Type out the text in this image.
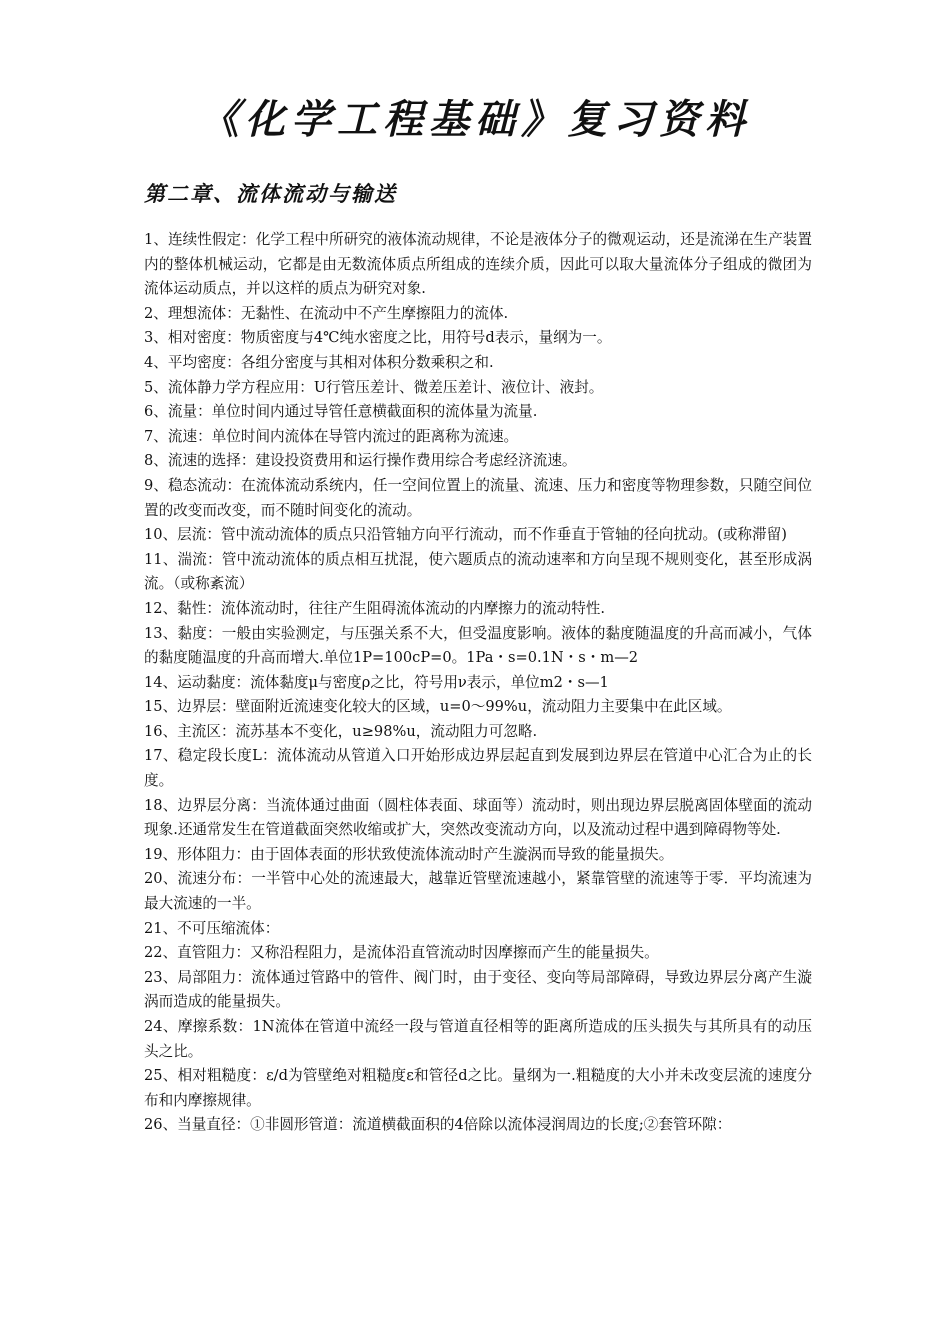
《化学工程基础》复习资料
第二章、流体流动与输送
1、连续性假定：化学工程中所研究的液体流动规律，不论是液体分子的微观运动，还是流涕在生产装置内的整体机械运动，它都是由无数流体质点所组成的连续介质，因此可以取大量流体分子组成的微团为流体运动质点，并以这样的质点为研究对象.
2、理想流体：无黏性、在流动中不产生摩擦阻力的流体.
3、相对密度：物质密度与4℃纯水密度之比，用符号d表示，量纲为一。
4、平均密度：各组分密度与其相对体积分数乘积之和.
5、流体静力学方程应用：U行管压差计、微差压差计、液位计、液封。
6、流量：单位时间内通过导管任意横截面积的流体量为流量.
7、流速：单位时间内流体在导管内流过的距离称为流速。
8、流速的选择：建设投资费用和运行操作费用综合考虑经济流速。
9、稳态流动：在流体流动系统内，任一空间位置上的流量、流速、压力和密度等物理参数，只随空间位置的改变而改变，而不随时间变化的流动。
10、层流：管中流动流体的质点只沿管轴方向平行流动，而不作垂直于管轴的径向扰动。(或称滞留)
11、湍流：管中流动流体的质点相互扰混，使六题质点的流动速率和方向呈现不规则变化，甚至形成涡流。（或称紊流）
12、黏性：流体流动时，往往产生阻碍流体流动的内摩擦力的流动特性.
13、黏度：一般由实验测定，与压强关系不大，但受温度影响。液体的黏度随温度的升高而减小，气体的黏度随温度的升高而增大.单位1P=100cP=0。1Pa・s=0.1N・s・m—2
14、运动黏度：流体黏度μ与密度ρ之比，符号用ν表示，单位m2・s—1
15、边界层：壁面附近流速变化较大的区域，u=0～99%u，流动阻力主要集中在此区域。
16、主流区：流苏基本不变化，u≥98%u，流动阻力可忽略.
17、稳定段长度L：流体流动从管道入口开始形成边界层起直到发展到边界层在管道中心汇合为止的长度。
18、边界层分离：当流体通过曲面（圆柱体表面、球面等）流动时，则出现边界层脱离固体壁面的流动现象.还通常发生在管道截面突然收缩或扩大，突然改变流动方向，以及流动过程中遇到障碍物等处.
19、形体阻力：由于固体表面的形状致使流体流动时产生漩涡而导致的能量损失。
20、流速分布：一半管中心处的流速最大，越靠近管壁流速越小，紧靠管壁的流速等于零．平均流速为最大流速的一半。
21、不可压缩流体：
22、直管阻力：又称沿程阻力，是流体沿直管流动时因摩擦而产生的能量损失。
23、局部阻力：流体通过管路中的管件、阀门时，由于变径、变向等局部障碍，导致边界层分离产生漩涡而造成的能量损失。
24、摩擦系数：1N流体在管道中流经一段与管道直径相等的距离所造成的压头损失与其所具有的动压头之比。
25、相对粗糙度：ε/d为管壁绝对粗糙度ε和管径d之比。量纲为一.粗糙度的大小并未改变层流的速度分布和内摩擦规律。
26、当量直径：①非圆形管道：流道横截面积的4倍除以流体浸润周边的长度;②套管环隙：
